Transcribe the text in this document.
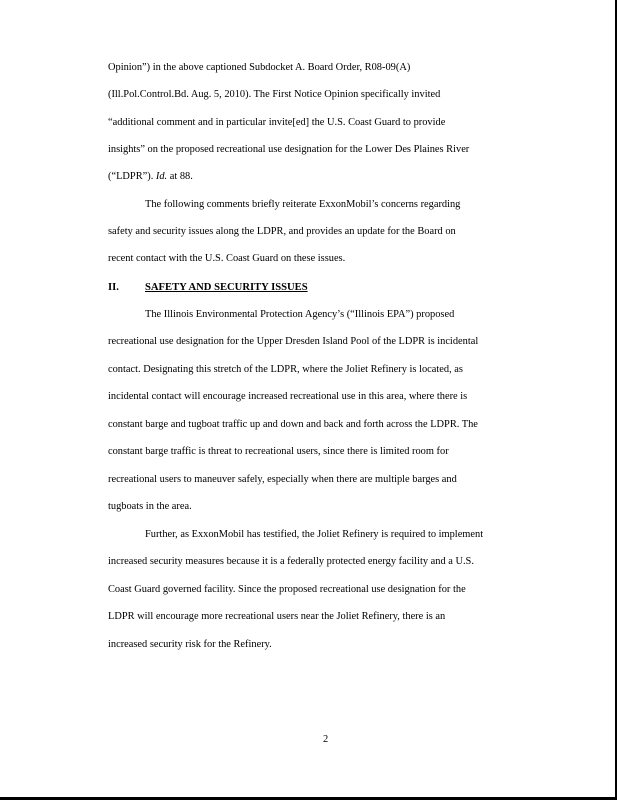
Opinion”) in the above captioned Subdocket A. Board Order, R08-09(A)
(Ill.Pol.Control.Bd. Aug. 5, 2010). The First Notice Opinion specifically invited
“additional comment and in particular invite[ed] the U.S. Coast Guard to provide
insights” on the proposed recreational use designation for the Lower Des Plaines River
(“LDPR”). Id. at 88.
The following comments briefly reiterate ExxonMobil’s concerns regarding
safety and security issues along the LDPR, and provides an update for the Board on
recent contact with the U.S. Coast Guard on these issues.
II. SAFETY AND SECURITY ISSUES
The Illinois Environmental Protection Agency’s (“Illinois EPA”) proposed
recreational use designation for the Upper Dresden Island Pool of the LDPR is incidental
contact. Designating this stretch of the LDPR, where the Joliet Refinery is located, as
incidental contact will encourage increased recreational use in this area, where there is
constant barge and tugboat traffic up and down and back and forth across the LDPR. The
constant barge traffic is threat to recreational users, since there is limited room for
recreational users to maneuver safely, especially when there are multiple barges and
tugboats in the area.
Further, as ExxonMobil has testified, the Joliet Refinery is required to implement
increased security measures because it is a federally protected energy facility and a U.S.
Coast Guard governed facility. Since the proposed recreational use designation for the
LDPR will encourage more recreational users near the Joliet Refinery, there is an
increased security risk for the Refinery.
2
